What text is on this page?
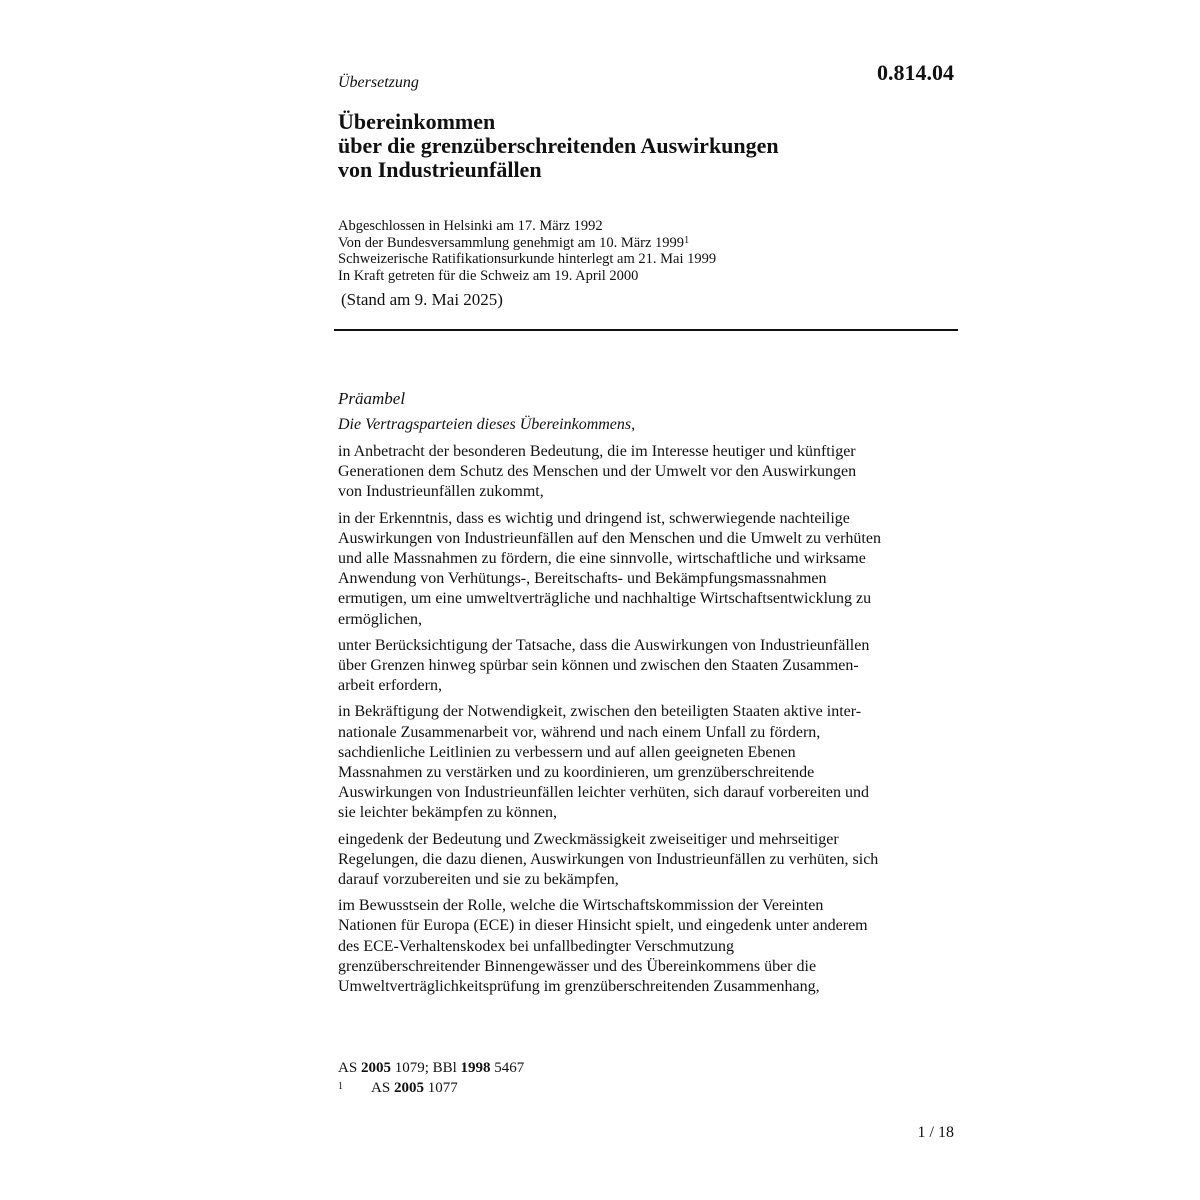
Übersetzung	0.814.04
Übereinkommen
über die grenzüberschreitenden Auswirkungen
von Industrieunfällen
Abgeschlossen in Helsinki am 17. März 1992
Von der Bundesversammlung genehmigt am 10. März 1999$^1$
Schweizerische Ratifikationsurkunde hinterlegt am 21. Mai 1999
In Kraft getreten für die Schweiz am 19. April 2000
(Stand am 9. Mai 2025)
Präambel
Die Vertragsparteien dieses Übereinkommens,

in Anbetracht der besonderen Bedeutung, die im Interesse heutiger und künftiger
Generationen dem Schutz des Menschen und der Umwelt vor den Auswirkungen
von Industrieunfällen zukommt,

in der Erkenntnis, dass es wichtig und dringend ist, schwerwiegende nachteilige
Auswirkungen von Industrieunfällen auf den Menschen und die Umwelt zu verhüten
und alle Massnahmen zu fördern, die eine sinnvolle, wirtschaftliche und wirksame
Anwendung von Verhütungs-, Bereitschafts- und Bekämpfungsmassnahmen
ermutigen, um eine umweltverträgliche und nachhaltige Wirtschaftsentwicklung zu
ermöglichen,

unter Berücksichtigung der Tatsache, dass die Auswirkungen von Industrieunfällen
über Grenzen hinweg spürbar sein können und zwischen den Staaten Zusammen-
arbeit erfordern,

in Bekräftigung der Notwendigkeit, zwischen den beteiligten Staaten aktive inter-
nationale Zusammenarbeit vor, während und nach einem Unfall zu fördern,
sachdienliche Leitlinien zu verbessern und auf allen geeigneten Ebenen
Massnahmen zu verstärken und zu koordinieren, um grenzüberschreitende
Auswirkungen von Industrieunfällen leichter verhüten, sich darauf vorbereiten und
sie leichter bekämpfen zu können,

eingedenk der Bedeutung und Zweckmässigkeit zweiseitiger und mehrseitiger
Regelungen, die dazu dienen, Auswirkungen von Industrieunfällen zu verhüten, sich
darauf vorzubereiten und sie zu bekämpfen,

im Bewusstsein der Rolle, welche die Wirtschaftskommission der Vereinten
Nationen für Europa (ECE) in dieser Hinsicht spielt, und eingedenk unter anderem
des ECE-Verhaltenskodex bei unfallbedingter Verschmutzung
grenzüberschreitender Binnengewässer und des Übereinkommens über die
Umweltverträglichkeitsprüfung im grenzüberschreitenden Zusammenhang,

AS 2005 1079; BBl 1998 5467
1 AS 2005 1077
1 / 18
